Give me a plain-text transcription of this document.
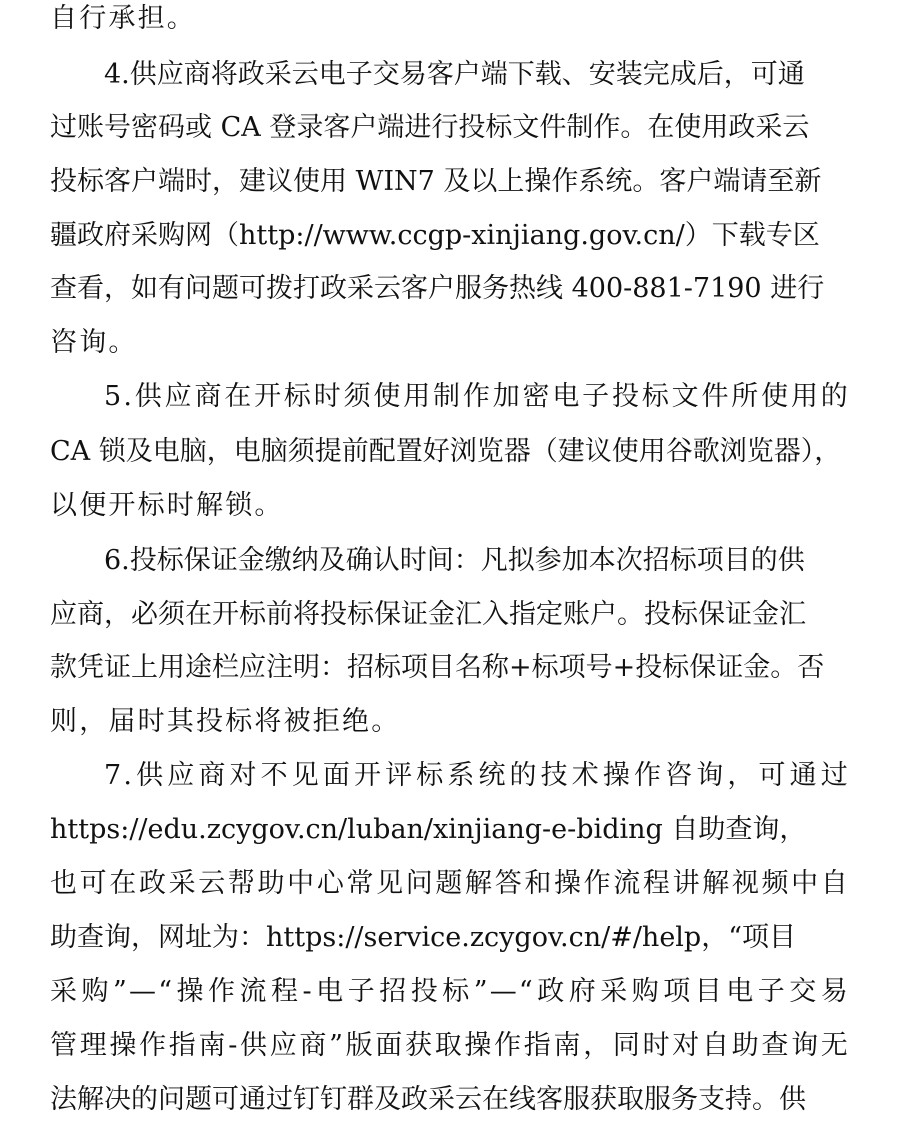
自行承担。
4.供应商将政采云电子交易客户端下载、安装完成后，可通
过账号密码或 CA 登录客户端进行投标文件制作。在使用政采云
投标客户端时，建议使用 WIN7 及以上操作系统。客户端请至新
疆政府采购网（http://www.ccgp-xinjiang.gov.cn/）下载专区
查看，如有问题可拨打政采云客户服务热线 400-881-7190 进行
咨询。
5.供应商在开标时须使用制作加密电子投标文件所使用的
CA 锁及电脑，电脑须提前配置好浏览器（建议使用谷歌浏览器），
以便开标时解锁。
6.投标保证金缴纳及确认时间：凡拟参加本次招标项目的供
应商，必须在开标前将投标保证金汇入指定账户。投标保证金汇
款凭证上用途栏应注明：招标项目名称+标项号+投标保证金。否
则，届时其投标将被拒绝。
7.供应商对不见面开评标系统的技术操作咨询，可通过
https://edu.zcygov.cn/luban/xinjiang-e-biding 自助查询，
也可在政采云帮助中心常见问题解答和操作流程讲解视频中自
助查询，网址为：https://service.zcygov.cn/#/help，“项目
采购”—“操作流程-电子招投标”—“政府采购项目电子交易
管理操作指南-供应商”版面获取操作指南，同时对自助查询无
法解决的问题可通过钉钉群及政采云在线客服获取服务支持。供
